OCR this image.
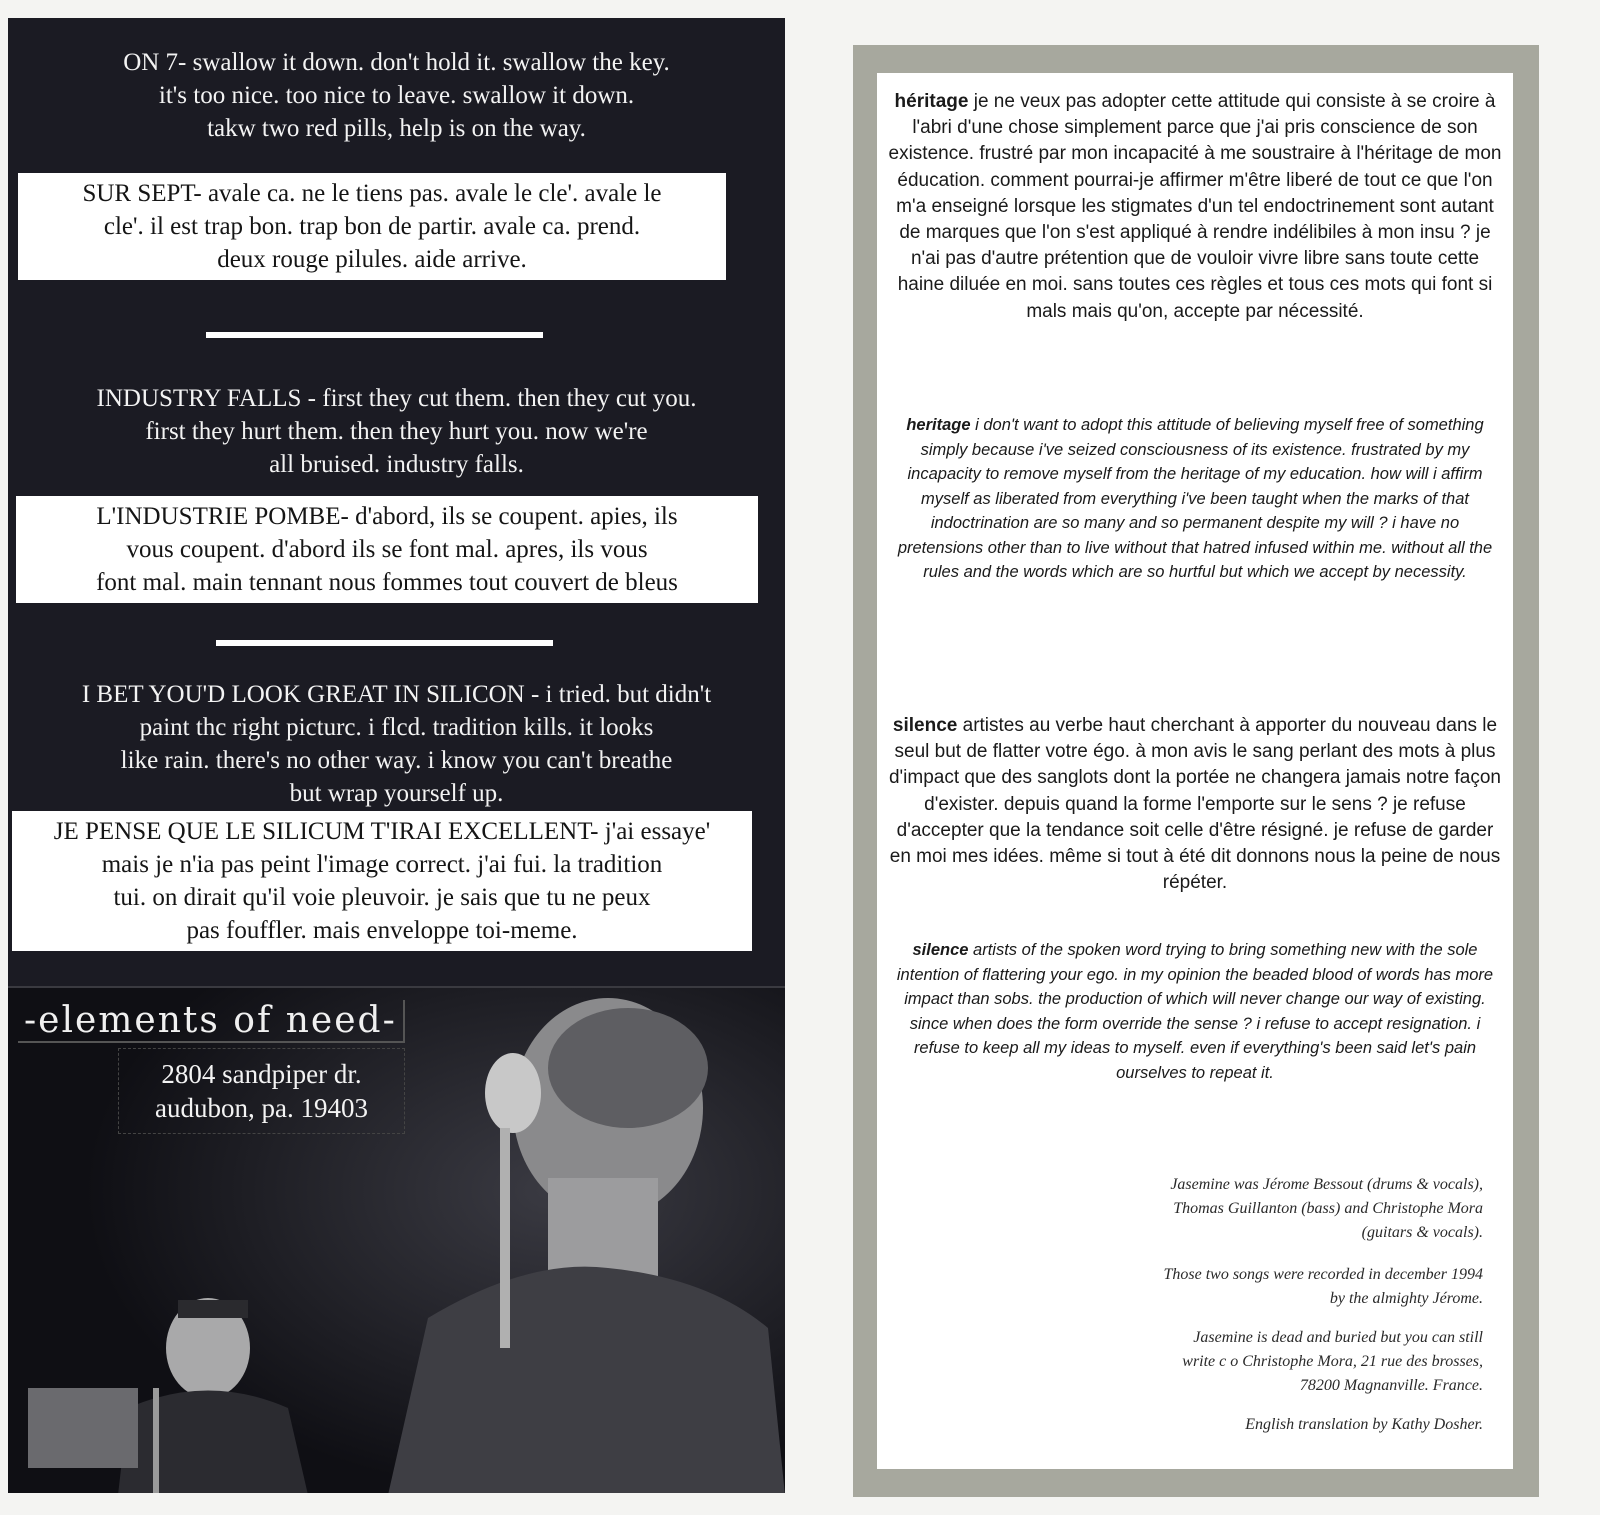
ON 7- swallow it down. don't hold it. swallow the key.
it's too nice. too nice to leave. swallow it down.
takw two red pills, help is on the way.
SUR SEPT- avale ca. ne le tiens pas. avale le cle'. avale le
cle'. il est trap bon. trap bon de partir. avale ca. prend.
deux rouge pilules. aide arrive.
INDUSTRY FALLS - first they cut them. then they cut you.
first they hurt them. then they hurt you. now we're
all bruised. industry falls.
L'INDUSTRIE POMBE- d'abord, ils se coupent. apies, ils
vous coupent. d'abord ils se font mal. apres, ils vous
font mal. main tennant nous fommes tout couvert de bleus
I BET YOU'D LOOK GREAT IN SILICON - i tried. but didn't
paint thc right picturc. i flcd. tradition kills. it looks
like rain. there's no other way. i know you can't breathe
but wrap yourself up.
JE PENSE QUE LE SILICUM T'IRAI EXCELLENT- j'ai essaye'
mais je n'ia pas peint l'image correct. j'ai fui. la tradition
tui. on dirait qu'il voie pleuvoir. je sais que tu ne peux
pas fouffler. mais enveloppe toi-meme.
-elements of need-
2804 sandpiper dr.
audubon, pa. 19403
héritage je ne veux pas adopter cette attitude qui consiste à se croire à l'abri d'une chose simplement parce que j'ai pris conscience de son existence. frustré par mon incapacité à me soustraire à l'héritage de mon éducation. comment pourrai-je affirmer m'être liberé de tout ce que l'on m'a enseigné lorsque les stigmates d'un tel endoctrinement sont autant de marques que l'on s'est appliqué à rendre indélibiles à mon insu ? je n'ai pas d'autre prétention que de vouloir vivre libre sans toute cette haine diluée en moi. sans toutes ces règles et tous ces mots qui font si mals mais qu'on, accepte par nécessité.
heritage i don't want to adopt this attitude of believing myself free of something simply because i've seized consciousness of its existence. frustrated by my incapacity to remove myself from the heritage of my education. how will i affirm myself as liberated from everything i've been taught when the marks of that indoctrination are so many and so permanent despite my will ? i have no pretensions other than to live without that hatred infused within me. without all the rules and the words which are so hurtful but which we accept by necessity.
silence artistes au verbe haut cherchant à apporter du nouveau dans le seul but de flatter votre égo. à mon avis le sang perlant des mots à plus d'impact que des sanglots dont la portée ne changera jamais notre façon d'exister. depuis quand la forme l'emporte sur le sens ? je refuse d'accepter que la tendance soit celle d'être résigné. je refuse de garder en moi mes idées. même si tout à été dit donnons nous la peine de nous répéter.
silence artists of the spoken word trying to bring something new with the sole intention of flattering your ego. in my opinion the beaded blood of words has more impact than sobs. the production of which will never change our way of existing. since when does the form override the sense ? i refuse to accept resignation. i refuse to keep all my ideas to myself. even if everything's been said let's pain ourselves to repeat it.
Jasemine was Jérome Bessout (drums & vocals),
Thomas Guillanton (bass) and Christophe Mora
(guitars & vocals).
Those two songs were recorded in december 1994
by the almighty Jérome.
Jasemine is dead and buried but you can still
write c o Christophe Mora, 21 rue des brosses,
78200 Magnanville. France.
English translation by Kathy Dosher.
